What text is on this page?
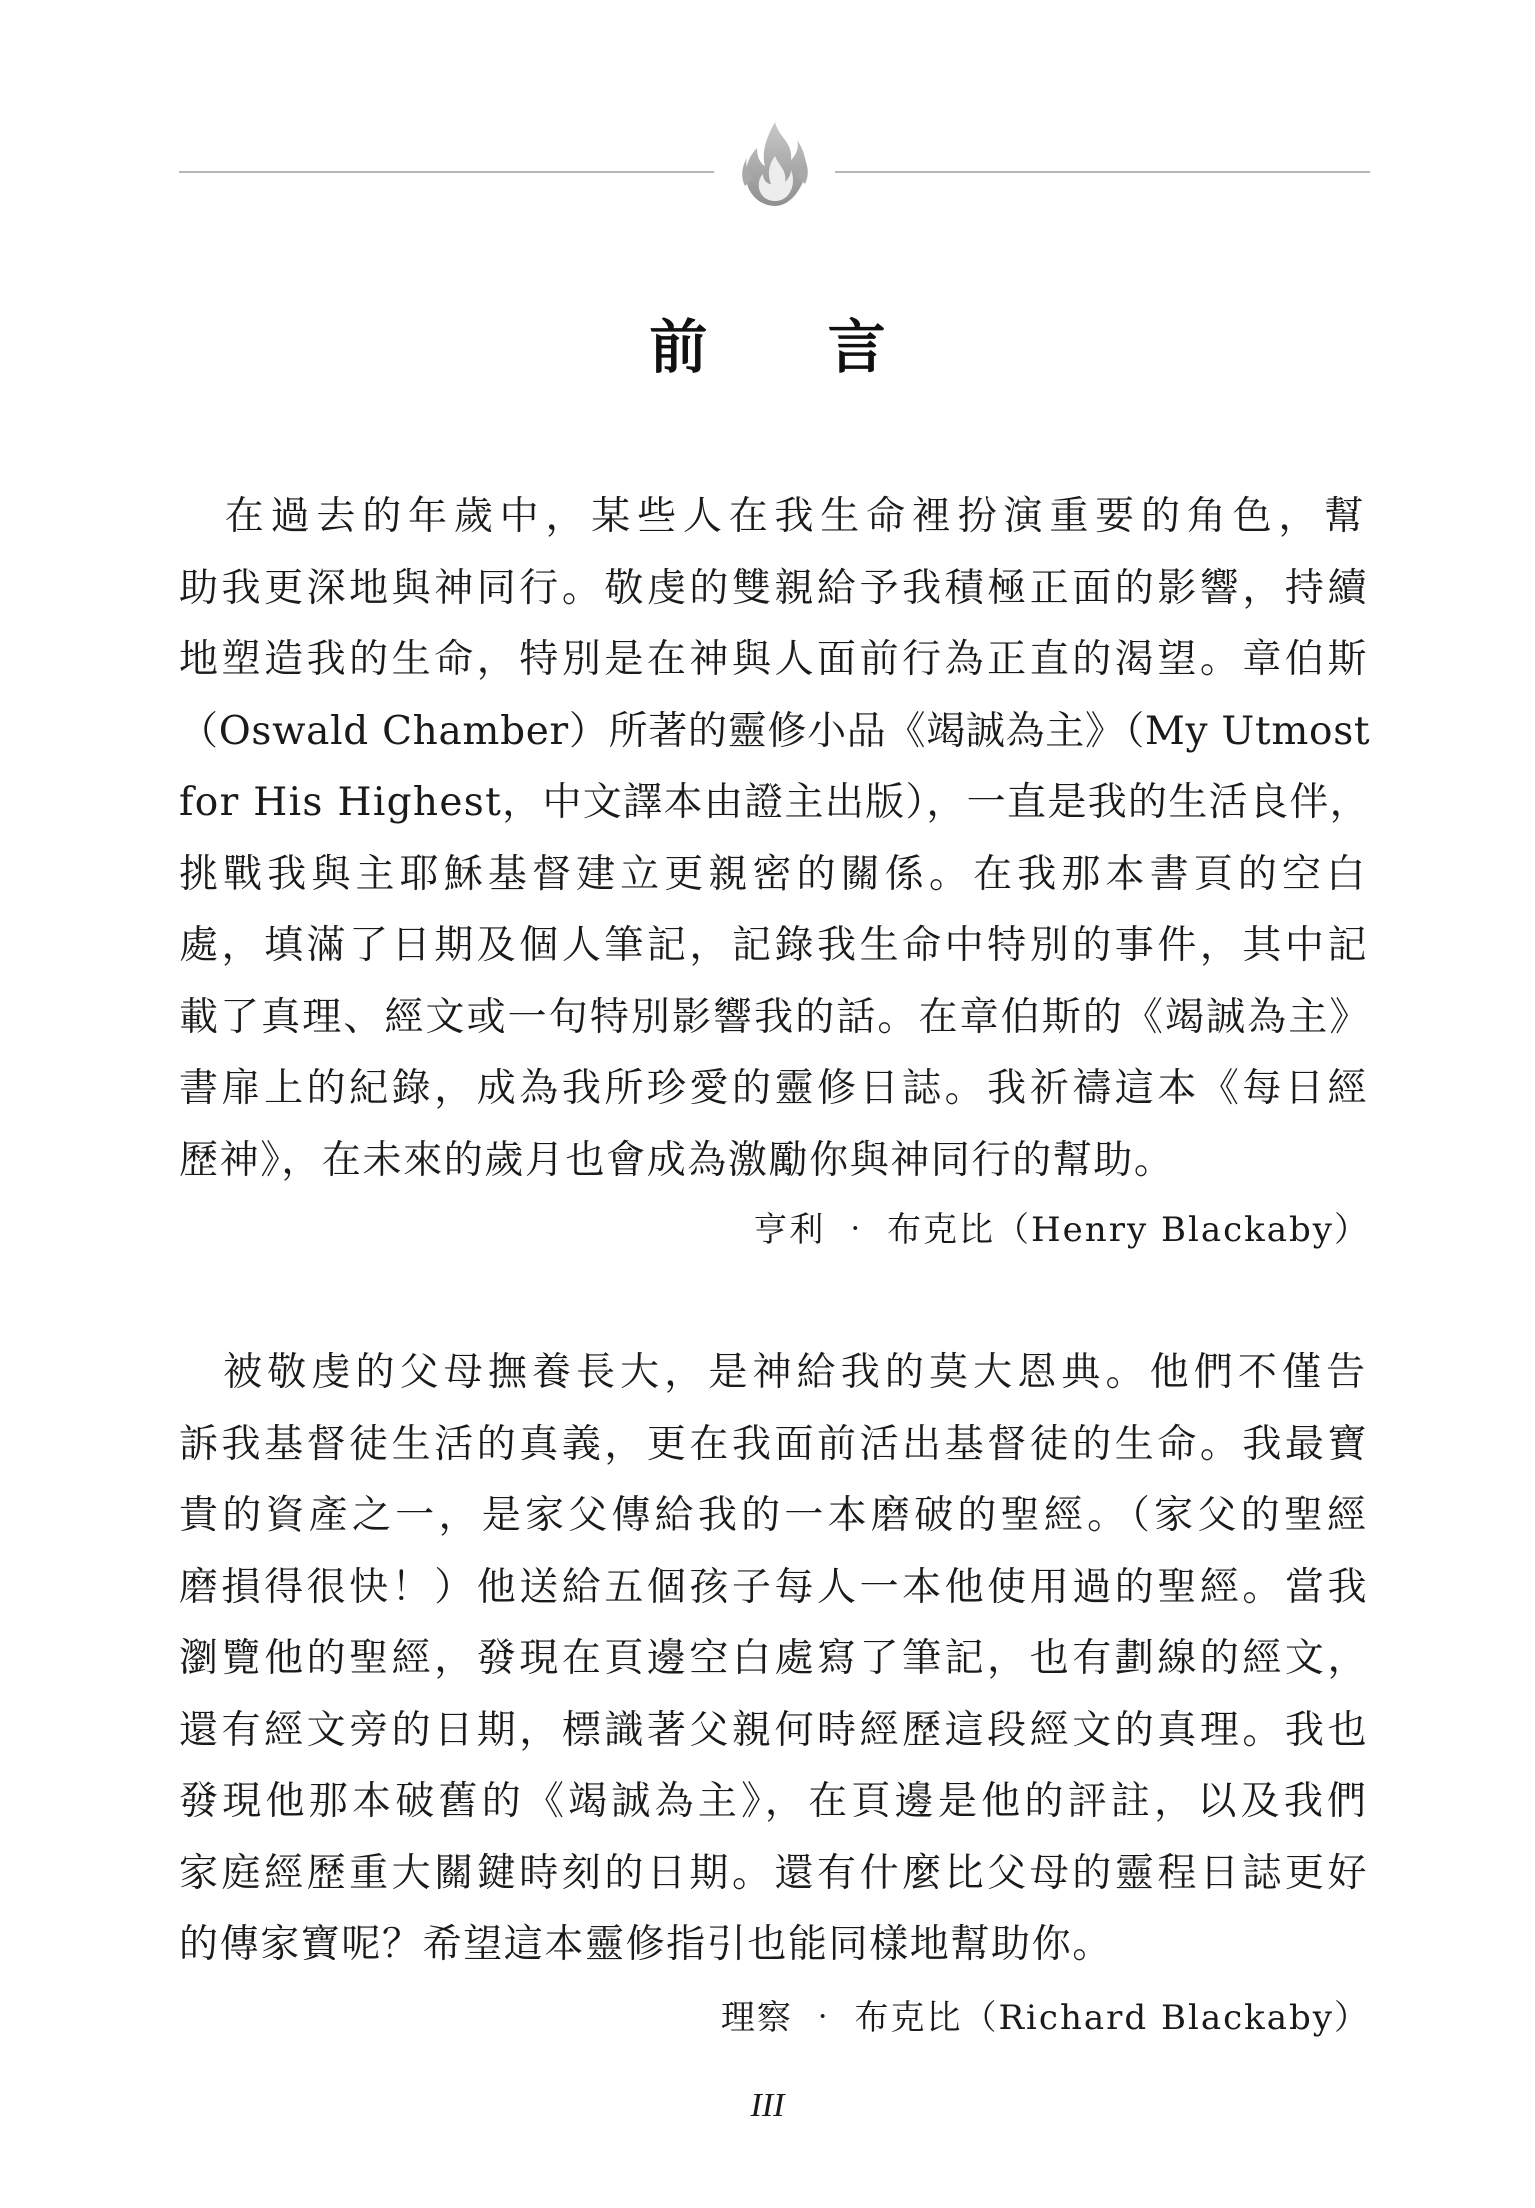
前 言
　在過去的年歲中，某些人在我生命裡扮演重要的角色，幫
助我更深地與神同行。敬虔的雙親給予我積極正面的影響，持續
地塑造我的生命，特別是在神與人面前行為正直的渴望。章伯斯
（Oswald Chamber）所著的靈修小品《竭誠為主》（My Utmost
for His Highest，中文譯本由證主出版），一直是我的生活良伴，
挑戰我與主耶穌基督建立更親密的關係。在我那本書頁的空白
處，填滿了日期及個人筆記，記錄我生命中特別的事件，其中記
載了真理、經文或一句特別影響我的話。在章伯斯的《竭誠為主》
書扉上的紀錄，成為我所珍愛的靈修日誌。我祈禱這本《每日經
歷神》，在未來的歲月也會成為激勵你與神同行的幫助。
亨利 ‧ 布克比（Henry Blackaby）
　被敬虔的父母撫養長大，是神給我的莫大恩典。他們不僅告
訴我基督徒生活的真義，更在我面前活出基督徒的生命。我最寶
貴的資產之一，是家父傳給我的一本磨破的聖經。（家父的聖經
磨損得很快！）他送給五個孩子每人一本他使用過的聖經。當我
瀏覽他的聖經，發現在頁邊空白處寫了筆記，也有劃線的經文，
還有經文旁的日期，標識著父親何時經歷這段經文的真理。我也
發現他那本破舊的《竭誠為主》，在頁邊是他的評註，以及我們
家庭經歷重大關鍵時刻的日期。還有什麼比父母的靈程日誌更好
的傳家寶呢？希望這本靈修指引也能同樣地幫助你。
理察 ‧ 布克比（Richard Blackaby）
III
